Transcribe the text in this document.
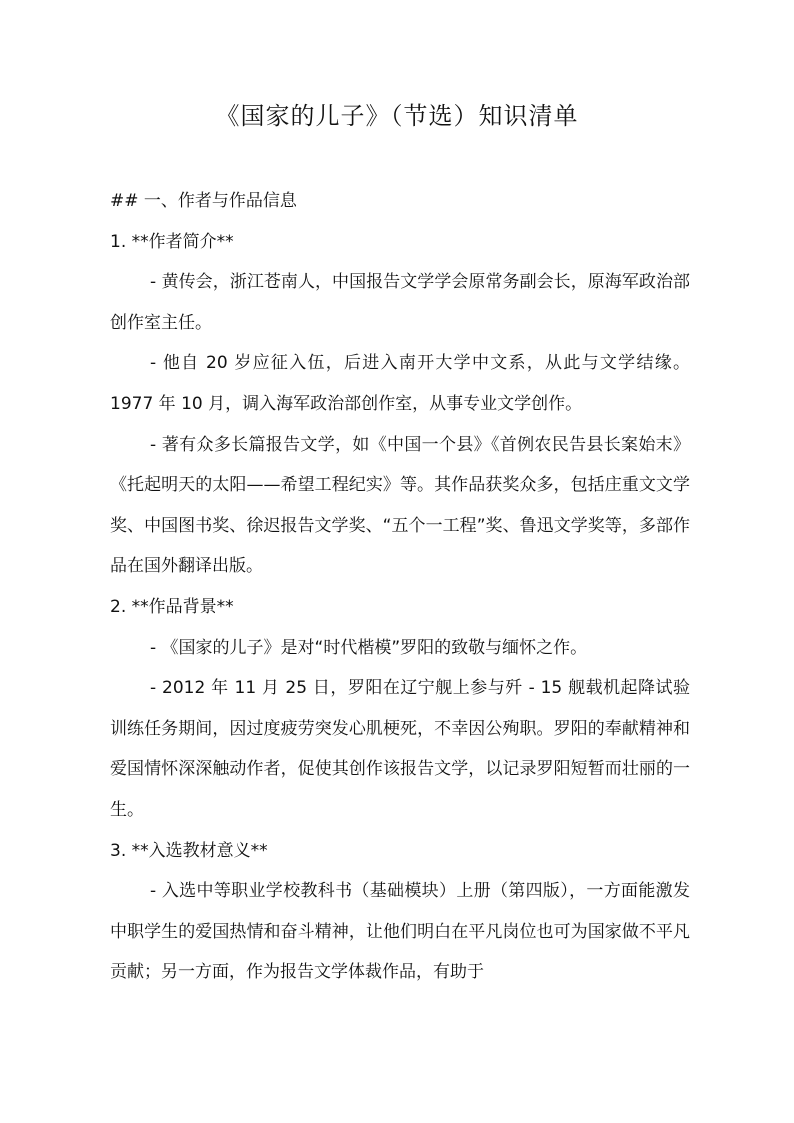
《国家的儿子》（节选）知识清单

## 一、作者与作品信息

1. **作者简介**

- 黄传会，浙江苍南人，中国报告文学学会原常务副会长，原海军政治部创作室主任。

- 他自 20 岁应征入伍，后进入南开大学中文系，从此与文学结缘。1977 年 10 月，调入海军政治部创作室，从事专业文学创作。

- 著有众多长篇报告文学，如《中国一个县》《首例农民告县长案始末》《托起明天的太阳——希望工程纪实》等。其作品获奖众多，包括庄重文文学奖、中国图书奖、徐迟报告文学奖、“五个一工程”奖、鲁迅文学奖等，多部作品在国外翻译出版。

2. **作品背景**

- 《国家的儿子》是对“时代楷模”罗阳的致敬与缅怀之作。

- 2012 年 11 月 25 日，罗阳在辽宁舰上参与歼 - 15 舰载机起降试验训练任务期间，因过度疲劳突发心肌梗死，不幸因公殉职。罗阳的奉献精神和爱国情怀深深触动作者，促使其创作该报告文学，以记录罗阳短暂而壮丽的一生。

3. **入选教材意义**

- 入选中等职业学校教科书（基础模块）上册（第四版），一方面能激发中职学生的爱国热情和奋斗精神，让他们明白在平凡岗位也可为国家做不平凡贡献；另一方面，作为报告文学体裁作品，有助于
